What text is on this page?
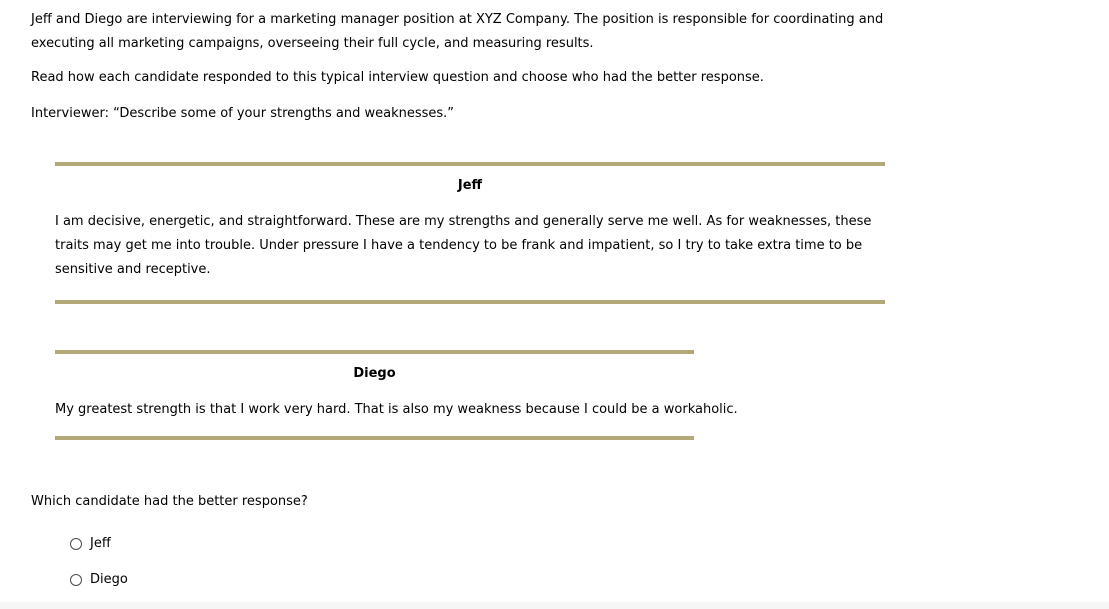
Jeff and Diego are interviewing for a marketing manager position at XYZ Company. The position is responsible for coordinating and executing all marketing campaigns, overseeing their full cycle, and measuring results.

Read how each candidate responded to this typical interview question and choose who had the better response.

Interviewer: “Describe some of your strengths and weaknesses.”

Jeff

I am decisive, energetic, and straightforward. These are my strengths and generally serve me well. As for weaknesses, these traits may get me into trouble. Under pressure I have a tendency to be frank and impatient, so I try to take extra time to be sensitive and receptive.

Diego

My greatest strength is that I work very hard. That is also my weakness because I could be a workaholic.

Which candidate had the better response?

Jeff
Diego
